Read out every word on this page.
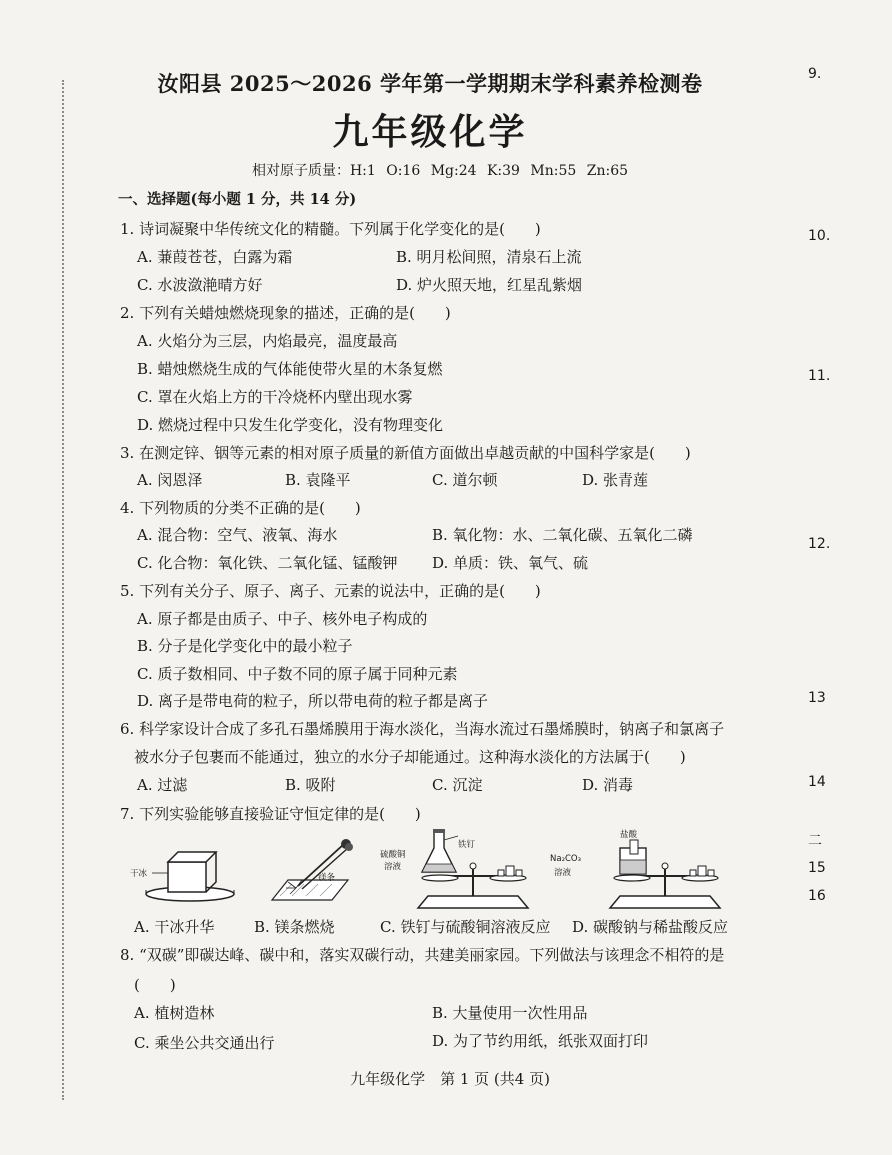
汝阳县 2025～2026 学年第一学期期末学科素养检测卷
九年级化学
相对原子质量：H:1 O:16 Mg:24 K:39 Mn:55 Zn:65
一、选择题(每小题 1 分，共 14 分)
1. 诗词凝聚中华传统文化的精髓。下列属于化学变化的是(　　)
A. 蒹葭苍苍，白露为霜	B. 明月松间照，清泉石上流
C. 水波潋滟晴方好	D. 炉火照天地，红星乱紫烟
2. 下列有关蜡烛燃烧现象的描述，正确的是(　　)
A. 火焰分为三层，内焰最亮，温度最高
B. 蜡烛燃烧生成的气体能使带火星的木条复燃
C. 罩在火焰上方的干冷烧杯内壁出现水雾
D. 燃烧过程中只发生化学变化，没有物理变化
3. 在测定锌、铟等元素的相对原子质量的新值方面做出卓越贡献的中国科学家是(　　)
A. 闵恩泽	B. 袁隆平	C. 道尔顿	D. 张青莲
4. 下列物质的分类不正确的是(　　)
A. 混合物：空气、液氧、海水	B. 氧化物：水、二氧化碳、五氧化二磷
C. 化合物：氧化铁、二氧化锰、锰酸钾 D. 单质：铁、氧气、硫
5. 下列有关分子、原子、离子、元素的说法中，正确的是(　　)
A. 原子都是由质子、中子、核外电子构成的
B. 分子是化学变化中的最小粒子
C. 质子数相同、中子数不同的原子属于同种元素
D. 离子是带电荷的粒子，所以带电荷的粒子都是离子
6. 科学家设计合成了多孔石墨烯膜用于海水淡化，当海水流过石墨烯膜时，钠离子和氯离子
被水分子包裹而不能通过，独立的水分子却能通过。这种海水淡化的方法属于(　　)
A. 过滤	B. 吸附	C. 沉淀	D. 消毒
7. 下列实验能够直接验证守恒定律的是(　　)
干冰	镁条
硫酸铜
溶液
铁钉
盐酸
Na₂CO₃
溶液
A. 干冰升华	B. 镁条燃烧	C. 铁钉与硫酸铜溶液反应 D. 碳酸钠与稀盐酸反应
8. “双碳”即碳达峰、碳中和，落实双碳行动，共建美丽家园。下列做法与该理念不相符的是
(　　)
A. 植树造林	B. 大量使用一次性用品
C. 乘坐公共交通出行	D. 为了节约用纸，纸张双面打印
9.
10.
11.
12.
13
14
二
15
16
九年级化学　第 1 页 (共4 页)
